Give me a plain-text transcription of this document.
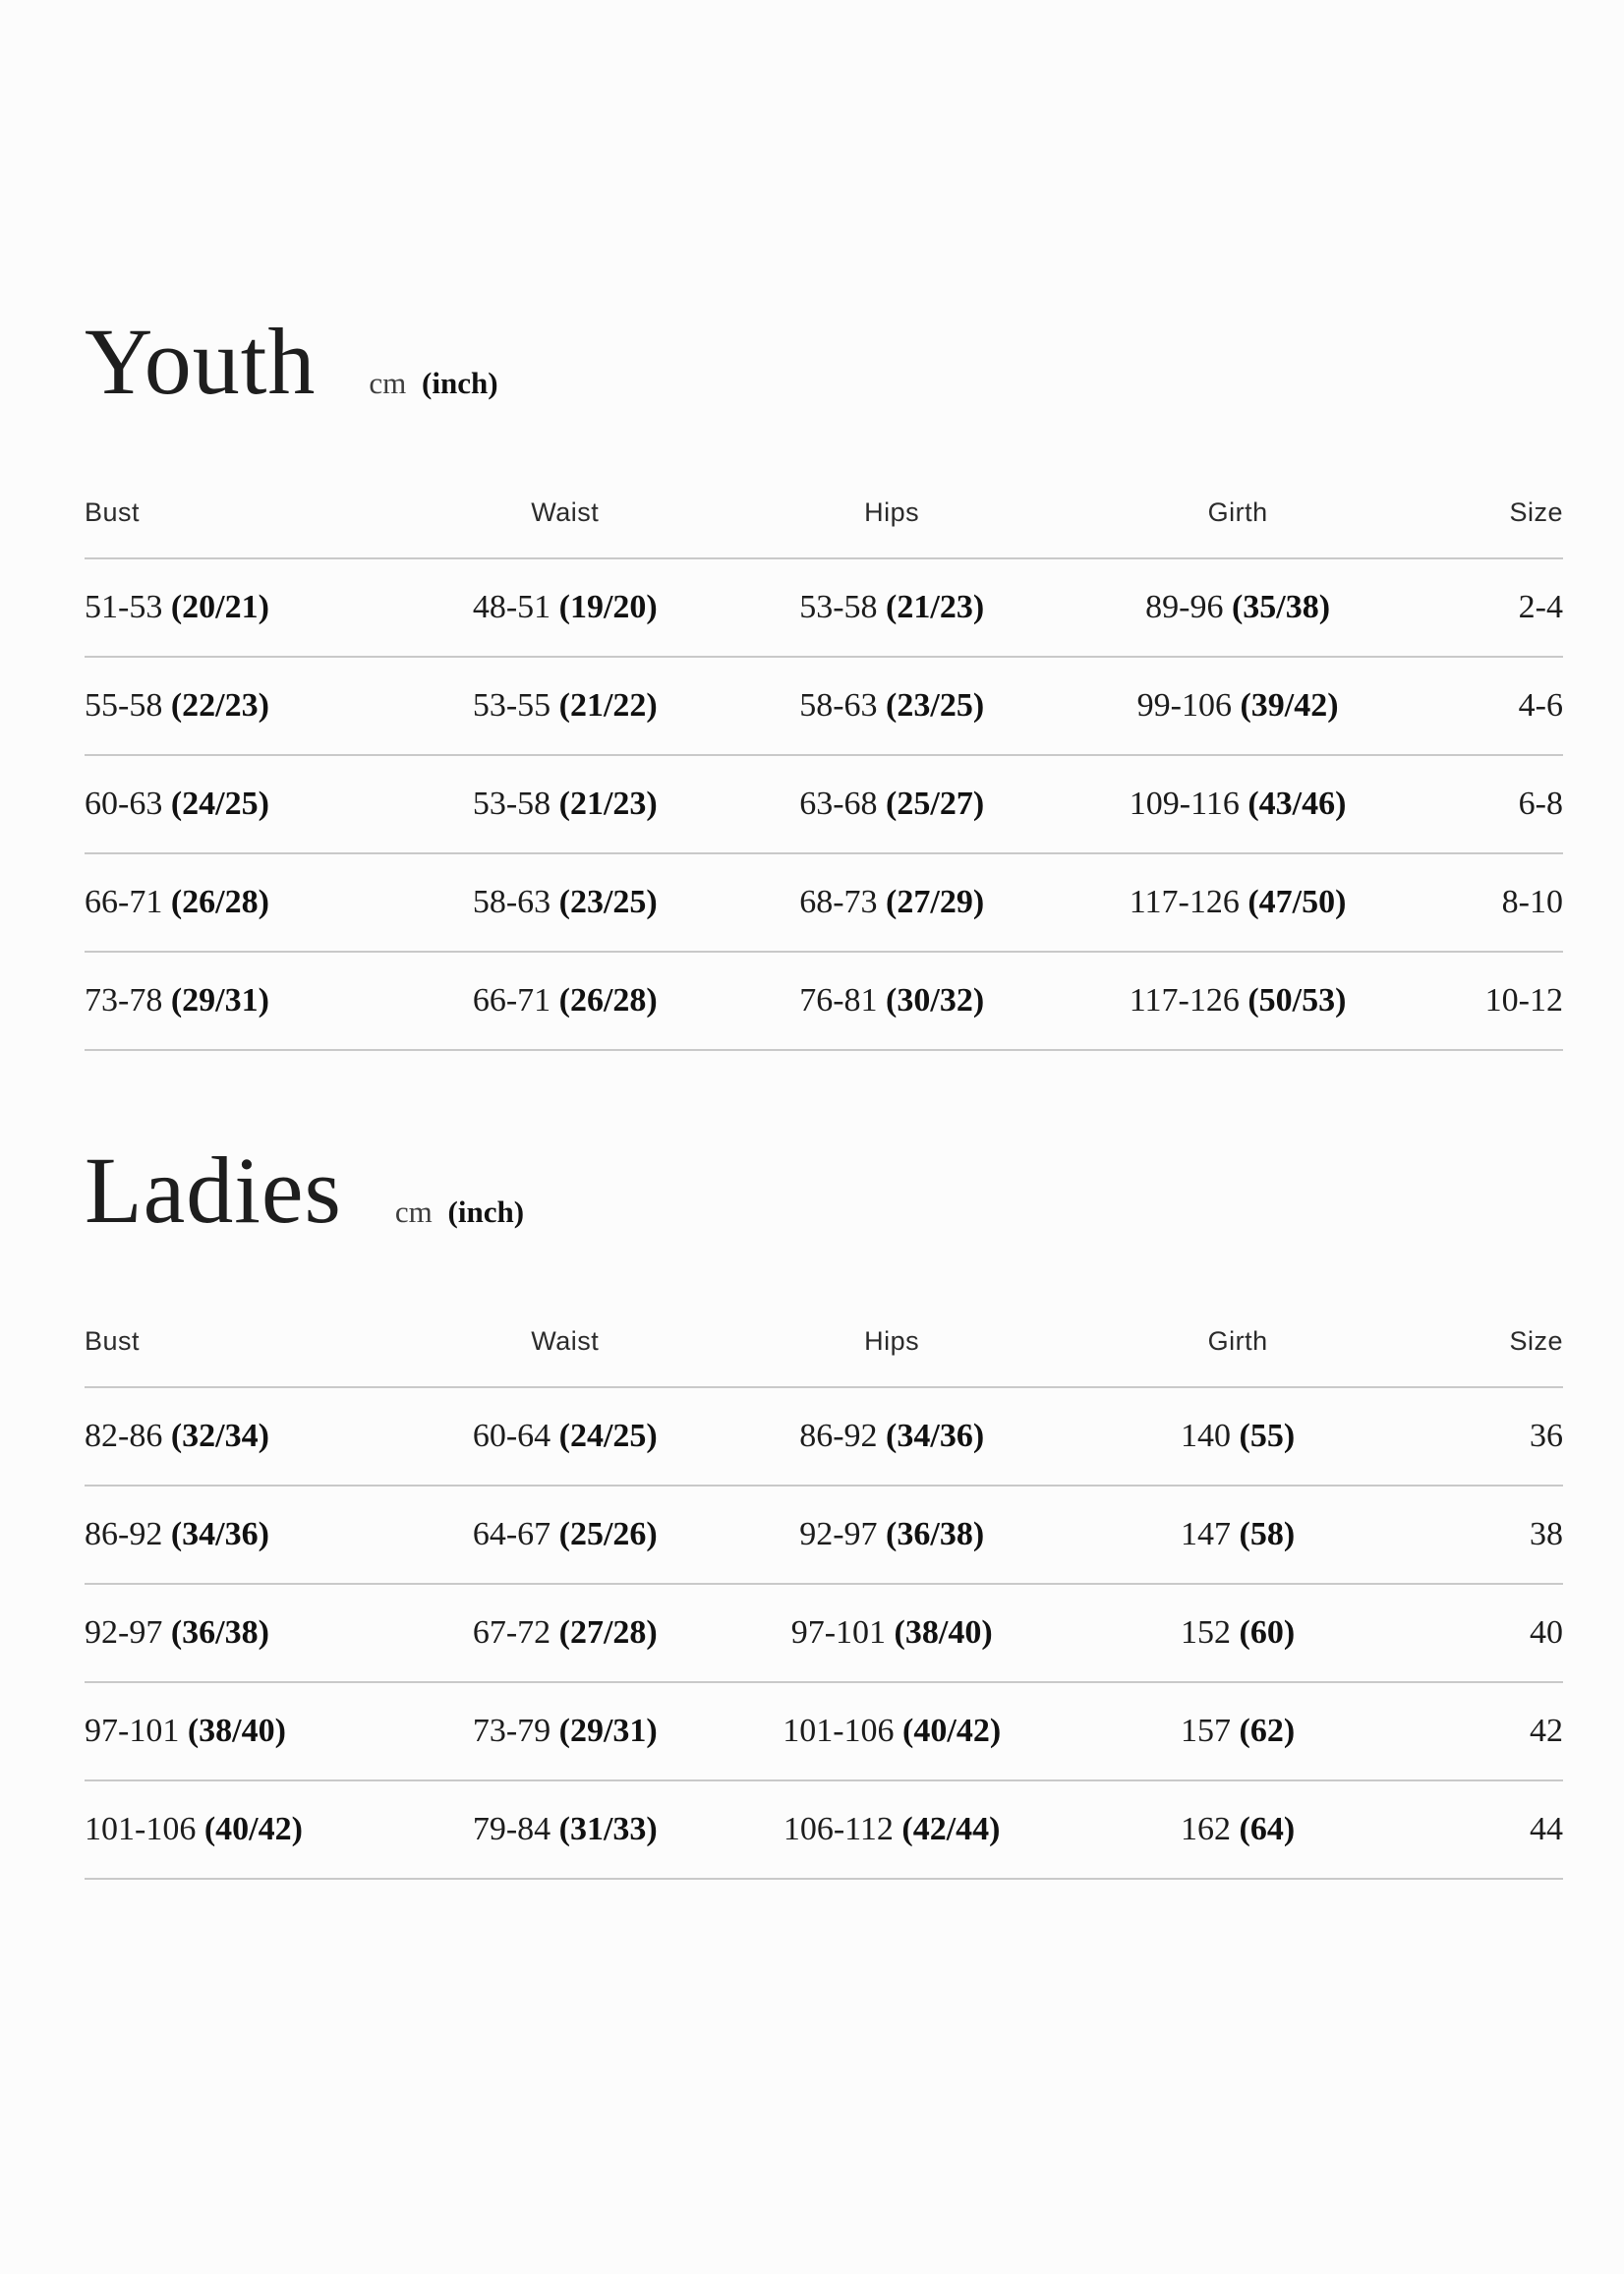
Youth cm (inch)
Bust	Waist	Hips	Girth	Size
51-53 (20/21)	48-51 (19/20)	53-58 (21/23)	89-96 (35/38)	2-4
55-58 (22/23)	53-55 (21/22)	58-63 (23/25)	99-106 (39/42)	4-6
60-63 (24/25)	53-58 (21/23)	63-68 (25/27)	109-116 (43/46)	6-8
66-71 (26/28)	58-63 (23/25)	68-73 (27/29)	117-126 (47/50)	8-10
73-78 (29/31)	66-71 (26/28)	76-81 (30/32)	117-126 (50/53)	10-12
Ladies cm (inch)
Bust	Waist	Hips	Girth	Size
82-86 (32/34)	60-64 (24/25)	86-92 (34/36)	140 (55)	36
86-92 (34/36)	64-67 (25/26)	92-97 (36/38)	147 (58)	38
92-97 (36/38)	67-72 (27/28)	97-101 (38/40)	152 (60)	40
97-101 (38/40)	73-79 (29/31)	101-106 (40/42)	157 (62)	42
101-106 (40/42)	79-84 (31/33)	106-112 (42/44)	162 (64)	44
